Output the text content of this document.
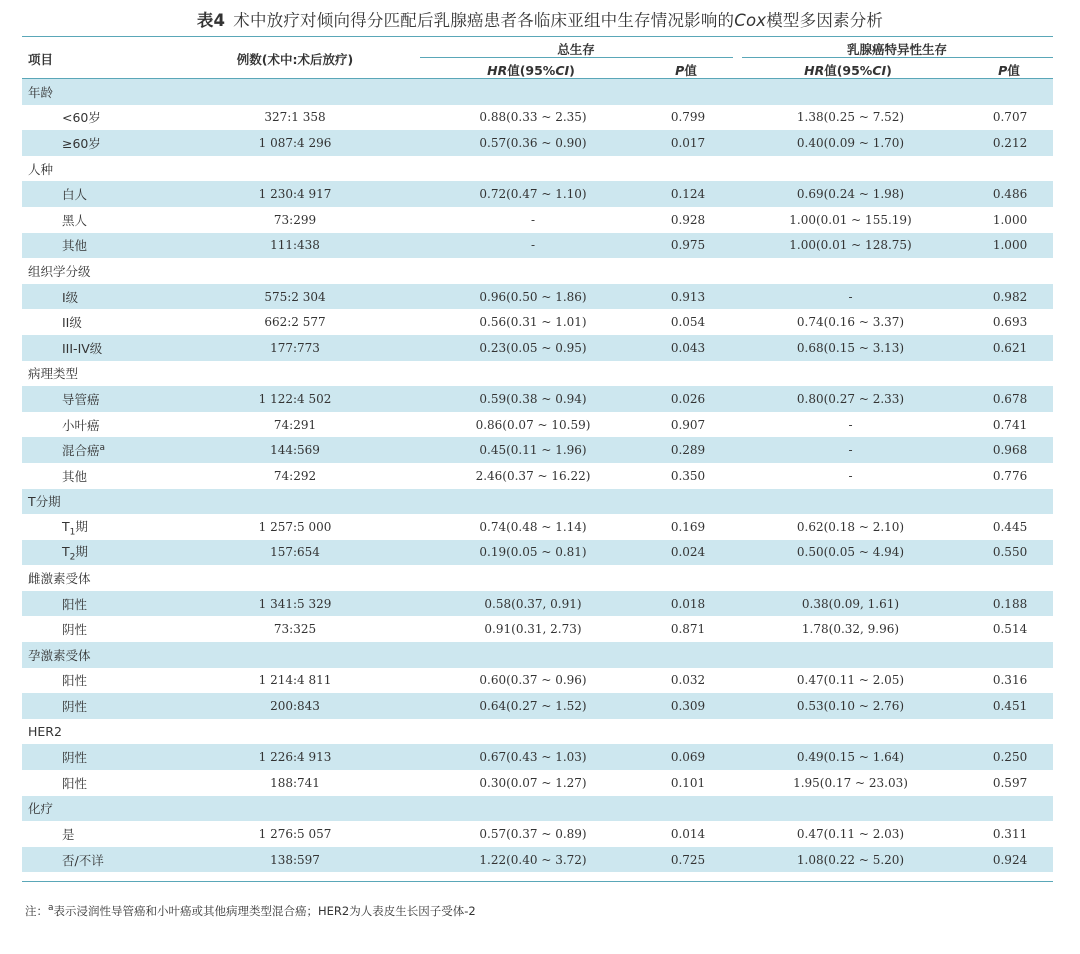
表4 术中放疗对倾向得分匹配后乳腺癌患者各临床亚组中生存情况影响的Cox模型多因素分析
项目	例数(术中:术后放疗)
总生存	乳腺癌特异性生存
HR值(95%CI)	P值	HR值(95%CI)	P值
年龄					
<60岁	327:1 358	0.88(0.33 ~ 2.35)	0.799	1.38(0.25 ~ 7.52)	0.707
≥60岁	1 087:4 296	0.57(0.36 ~ 0.90)	0.017	0.40(0.09 ~ 1.70)	0.212
人种					
白人	1 230:4 917	0.72(0.47 ~ 1.10)	0.124	0.69(0.24 ~ 1.98)	0.486
黑人	73:299	-	0.928	1.00(0.01 ~ 155.19)	1.000
其他	111:438	-	0.975	1.00(0.01 ~ 128.75)	1.000
组织学分级					
I级	575:2 304	0.96(0.50 ~ 1.86)	0.913	-	0.982
II级	662:2 577	0.56(0.31 ~ 1.01)	0.054	0.74(0.16 ~ 3.37)	0.693
III-IV级	177:773	0.23(0.05 ~ 0.95)	0.043	0.68(0.15 ~ 3.13)	0.621
病理类型					
导管癌	1 122:4 502	0.59(0.38 ~ 0.94)	0.026	0.80(0.27 ~ 2.33)	0.678
小叶癌	74:291	0.86(0.07 ~ 10.59)	0.907	-	0.741
混合癌$^a$	144:569	0.45(0.11 ~ 1.96)	0.289	-	0.968
其他	74:292	2.46(0.37 ~ 16.22)	0.350	-	0.776
T分期					
$T_1$期	1 257:5 000	0.74(0.48 ~ 1.14)	0.169	0.62(0.18 ~ 2.10)	0.445
$T_2$期	157:654	0.19(0.05 ~ 0.81)	0.024	0.50(0.05 ~ 4.94)	0.550
雌激素受体					
阳性	1 341:5 329	0.58(0.37, 0.91)	0.018	0.38(0.09, 1.61)	0.188
阴性	73:325	0.91(0.31, 2.73)	0.871	1.78(0.32, 9.96)	0.514
孕激素受体					
阳性	1 214:4 811	0.60(0.37 ~ 0.96)	0.032	0.47(0.11 ~ 2.05)	0.316
阴性	200:843	0.64(0.27 ~ 1.52)	0.309	0.53(0.10 ~ 2.76)	0.451
HER2					
阴性	1 226:4 913	0.67(0.43 ~ 1.03)	0.069	0.49(0.15 ~ 1.64)	0.250
阳性	188:741	0.30(0.07 ~ 1.27)	0.101	1.95(0.17 ~ 23.03)	0.597
化疗					
是	1 276:5 057	0.57(0.37 ~ 0.89)	0.014	0.47(0.11 ~ 2.03)	0.311
否/不详	138:597	1.22(0.40 ~ 3.72)	0.725	1.08(0.22 ~ 5.20)	0.924
注：$^a$表示浸润性导管癌和小叶癌或其他病理类型混合癌；HER2为人表皮生长因子受体-2
